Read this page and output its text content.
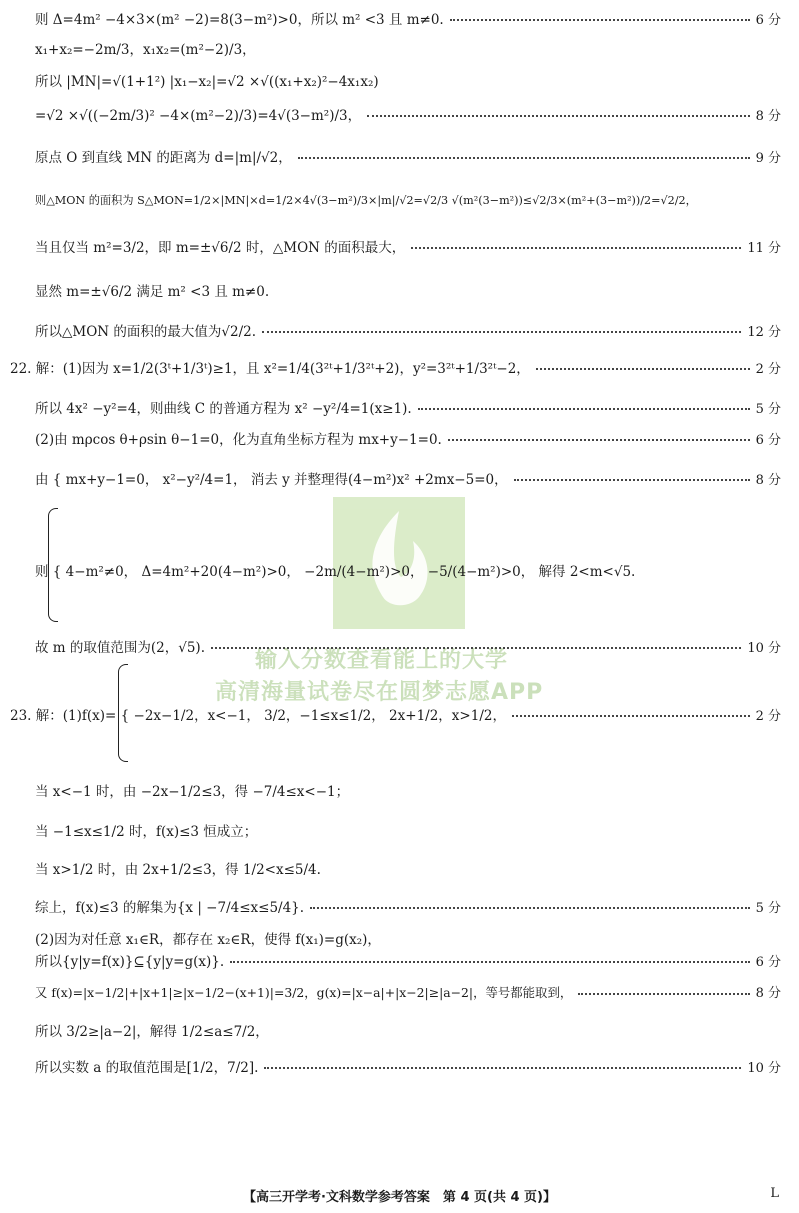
输入分数查看能上的大学
高清海量试卷尽在圆梦志愿APP
则 Δ=4m² −4×3×(m² −2)=8(3−m²)>0，所以 m² <3 且 m≠0.	6 分
x₁+x₂=−2m/3，x₁x₂=(m²−2)/3，
所以 |MN|=√(1+1²) |x₁−x₂|=√2 ×√((x₁+x₂)²−4x₁x₂)
=√2 ×√((−2m/3)² −4×(m²−2)/3)=4√(3−m²)/3，	8 分
原点 O 到直线 MN 的距离为 d=|m|/√2，	9 分
则△MON 的面积为 S△MON=1/2×|MN|×d=1/2×4√(3−m²)/3×|m|/√2=√2/3 √(m²(3−m²))≤√2/3×(m²+(3−m²))/2=√2/2，
当且仅当 m²=3/2，即 m=±√6/2 时，△MON 的面积最大，	11 分
显然 m=±√6/2 满足 m² <3 且 m≠0.
所以△MON 的面积的最大值为√2/2.	12 分
22. 解：(1)因为 x=1/2(3ᵗ+1/3ᵗ)≥1，且 x²=1/4(3²ᵗ+1/3²ᵗ+2)，y²=3²ᵗ+1/3²ᵗ−2，	2 分
所以 4x² −y²=4，则曲线 C 的普通方程为 x² −y²/4=1(x≥1).	5 分
(2)由 mρcos θ+ρsin θ−1=0，化为直角坐标方程为 mx+y−1=0.	6 分
由 { mx+y−1=0， x²−y²/4=1， 消去 y 并整理得(4−m²)x² +2mx−5=0，	8 分
则 { 4−m²≠0， Δ=4m²+20(4−m²)>0， −2m/(4−m²)>0， −5/(4−m²)>0， 解得 2<m<√5.
故 m 的取值范围为(2，√5).	10 分
23. 解：(1)f(x)= { −2x−1/2，x<−1， 3/2，−1≤x≤1/2， 2x+1/2，x>1/2，	2 分
当 x<−1 时，由 −2x−1/2≤3，得 −7/4≤x<−1；
当 −1≤x≤1/2 时，f(x)≤3 恒成立；
当 x>1/2 时，由 2x+1/2≤3，得 1/2<x≤5/4.
综上，f(x)≤3 的解集为{x | −7/4≤x≤5/4}.	5 分
(2)因为对任意 x₁∈R，都存在 x₂∈R，使得 f(x₁)=g(x₂)，
所以{y|y=f(x)}⊆{y|y=g(x)}.	6 分
又 f(x)=|x−1/2|+|x+1|≥|x−1/2−(x+1)|=3/2，g(x)=|x−a|+|x−2|≥|a−2|，等号都能取到，	8 分
所以 3/2≥|a−2|，解得 1/2≤a≤7/2，
所以实数 a 的取值范围是[1/2，7/2].	10 分
【高三开学考·文科数学参考答案　第 4 页(共 4 页)】	L
